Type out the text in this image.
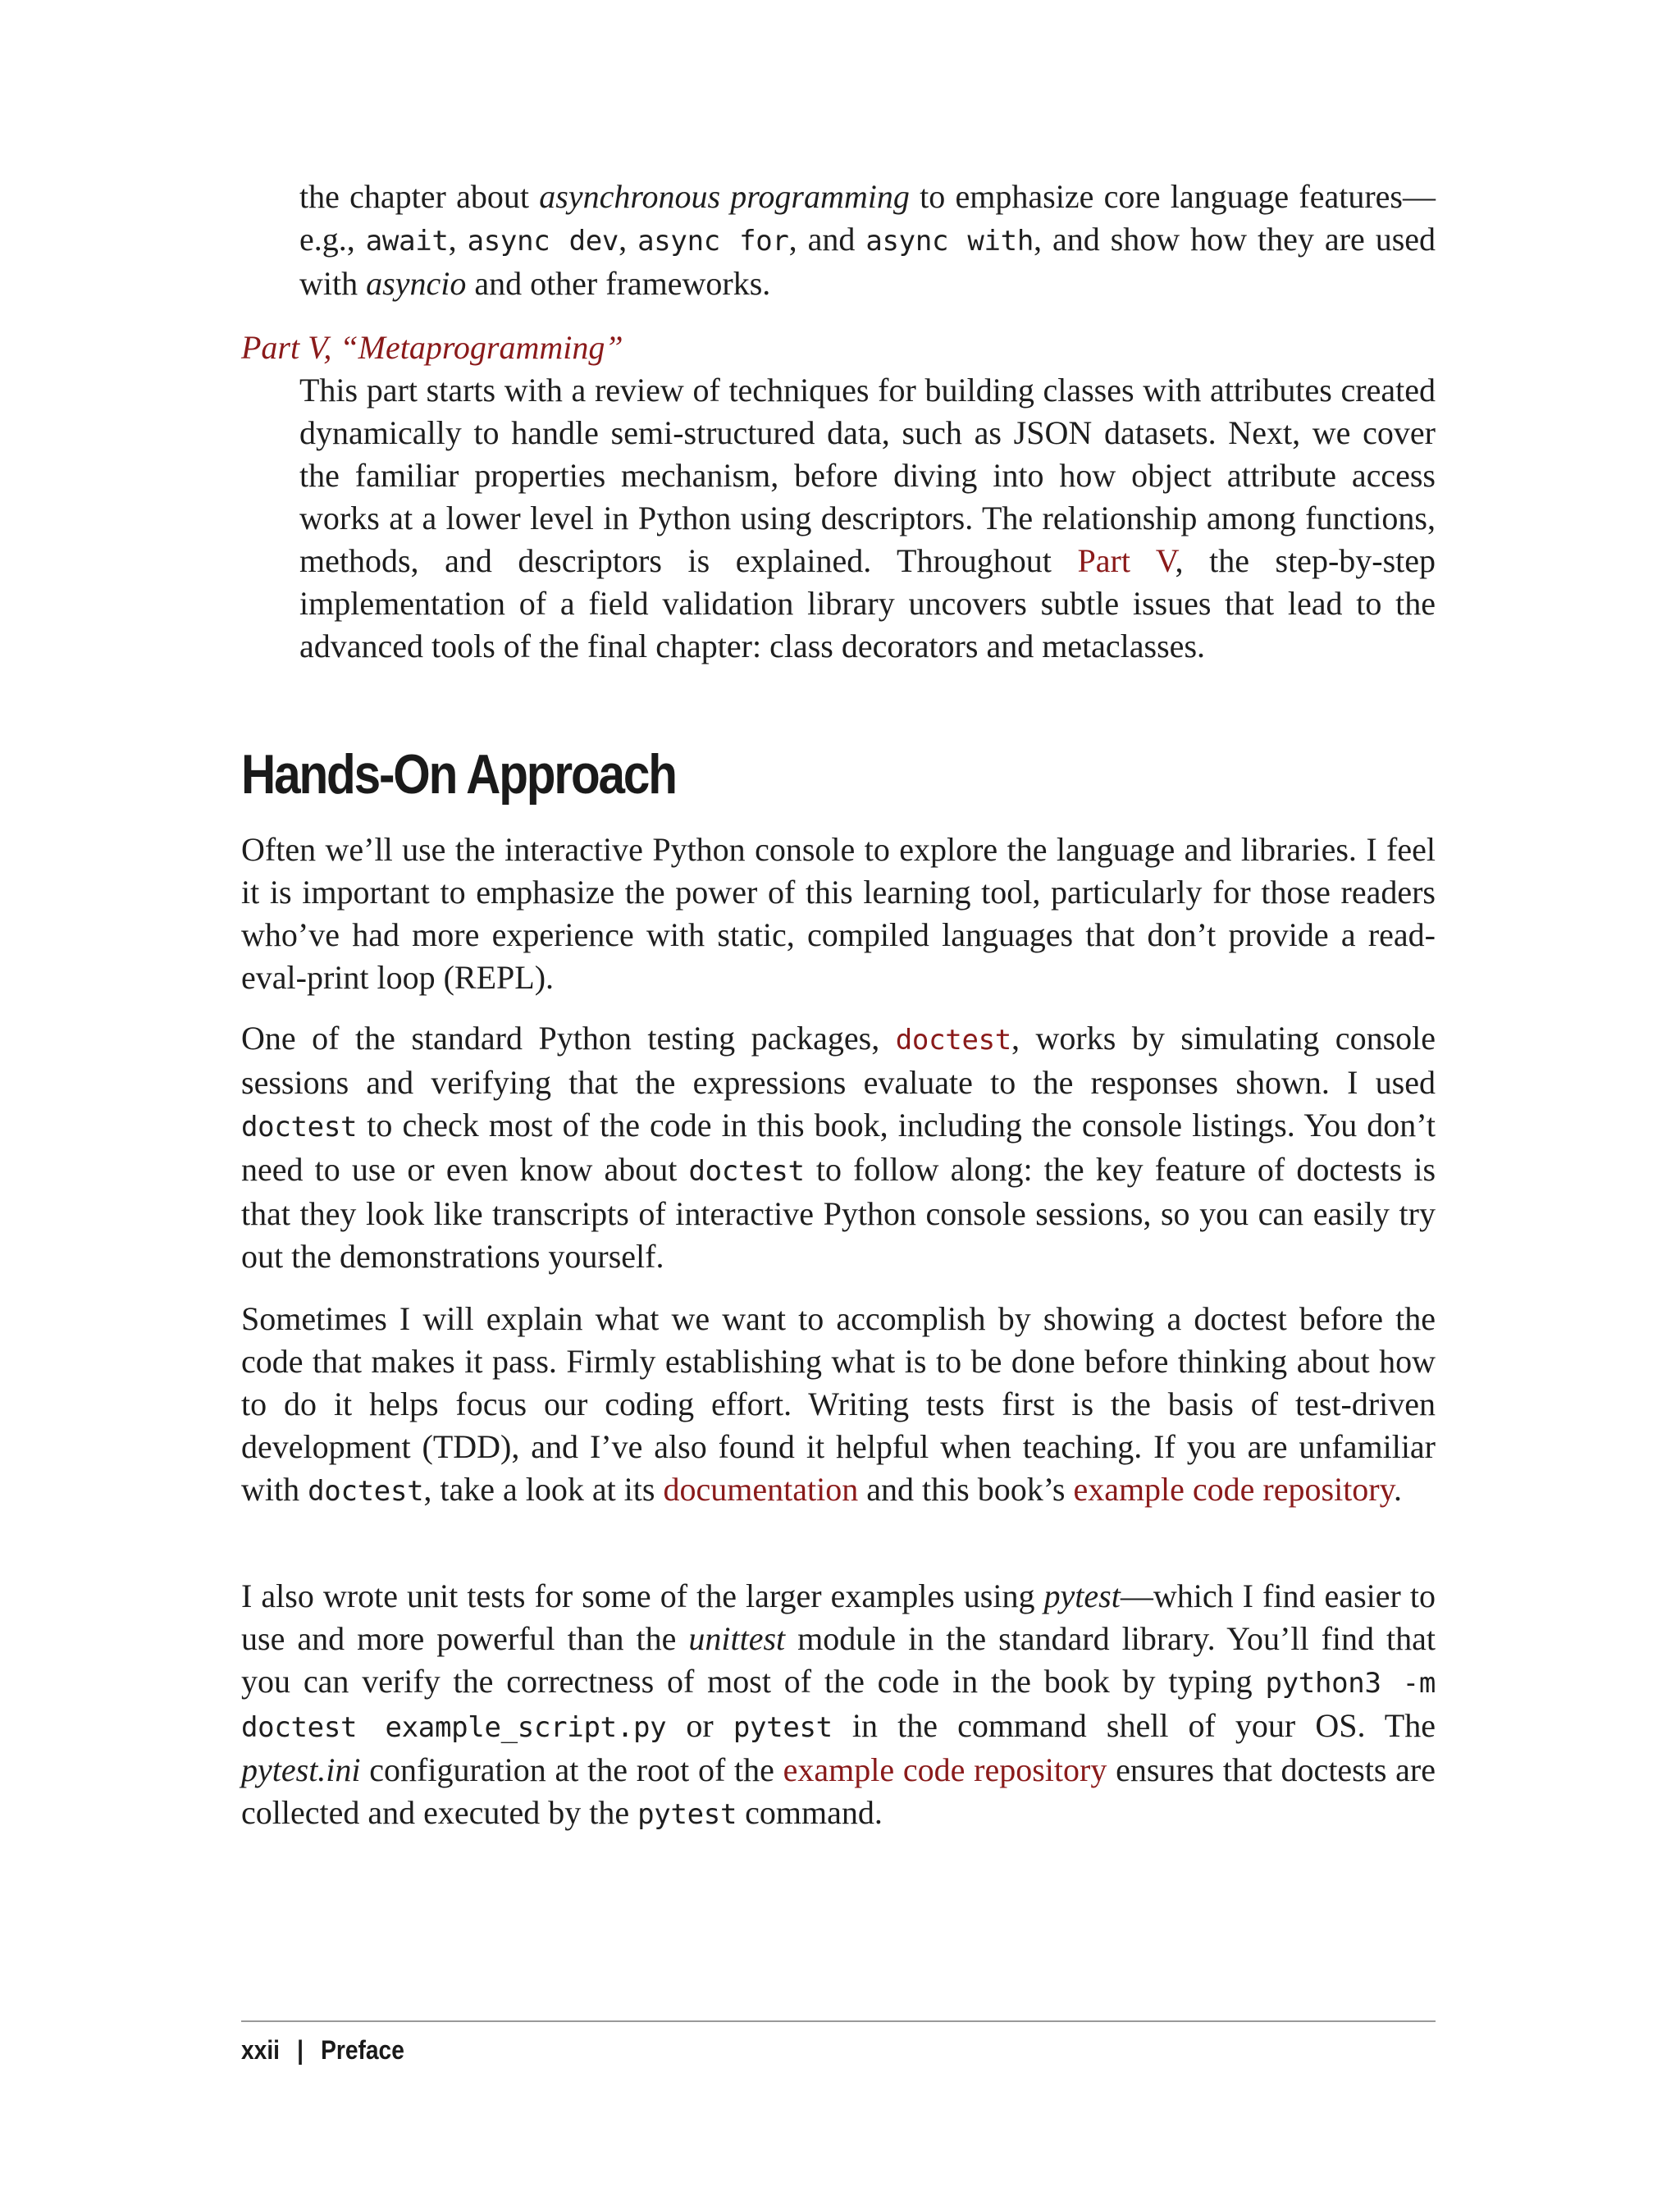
the chapter about asynchronous programming to emphasize core language features—e.g., await, async dev, async for, and async with, and show how they are used with asyncio and other frameworks.

Part V, “Metaprogramming”

This part starts with a review of techniques for building classes with attributes created dynamically to handle semi-structured data, such as JSON datasets. Next, we cover the familiar properties mechanism, before diving into how object attribute access works at a lower level in Python using descriptors. The relationship among functions, methods, and descriptors is explained. Throughout Part V, the step-by-step implementation of a field validation library uncovers subtle issues that lead to the advanced tools of the final chapter: class decorators and metaclasses.

Hands-On Approach

Often we’ll use the interactive Python console to explore the language and libraries. I feel it is important to emphasize the power of this learning tool, particularly for those readers who’ve had more experience with static, compiled languages that don’t provide a read-eval-print loop (REPL).

One of the standard Python testing packages, doctest, works by simulating console sessions and verifying that the expressions evaluate to the responses shown. I used doctest to check most of the code in this book, including the console listings. You don’t need to use or even know about doctest to follow along: the key feature of doctests is that they look like transcripts of interactive Python console sessions, so you can easily try out the demonstrations yourself.

Sometimes I will explain what we want to accomplish by showing a doctest before the code that makes it pass. Firmly establishing what is to be done before thinking about how to do it helps focus our coding effort. Writing tests first is the basis of test-driven development (TDD), and I’ve also found it helpful when teaching. If you are unfamiliar with doctest, take a look at its documentation and this book’s example code repository.

I also wrote unit tests for some of the larger examples using pytest—which I find easier to use and more powerful than the unittest module in the standard library. You’ll find that you can verify the correctness of most of the code in the book by typing python3 -m doctest example_script.py or pytest in the command shell of your OS. The pytest.ini configuration at the root of the example code repository ensures that doctests are collected and executed by the pytest command.

xxii | Preface
